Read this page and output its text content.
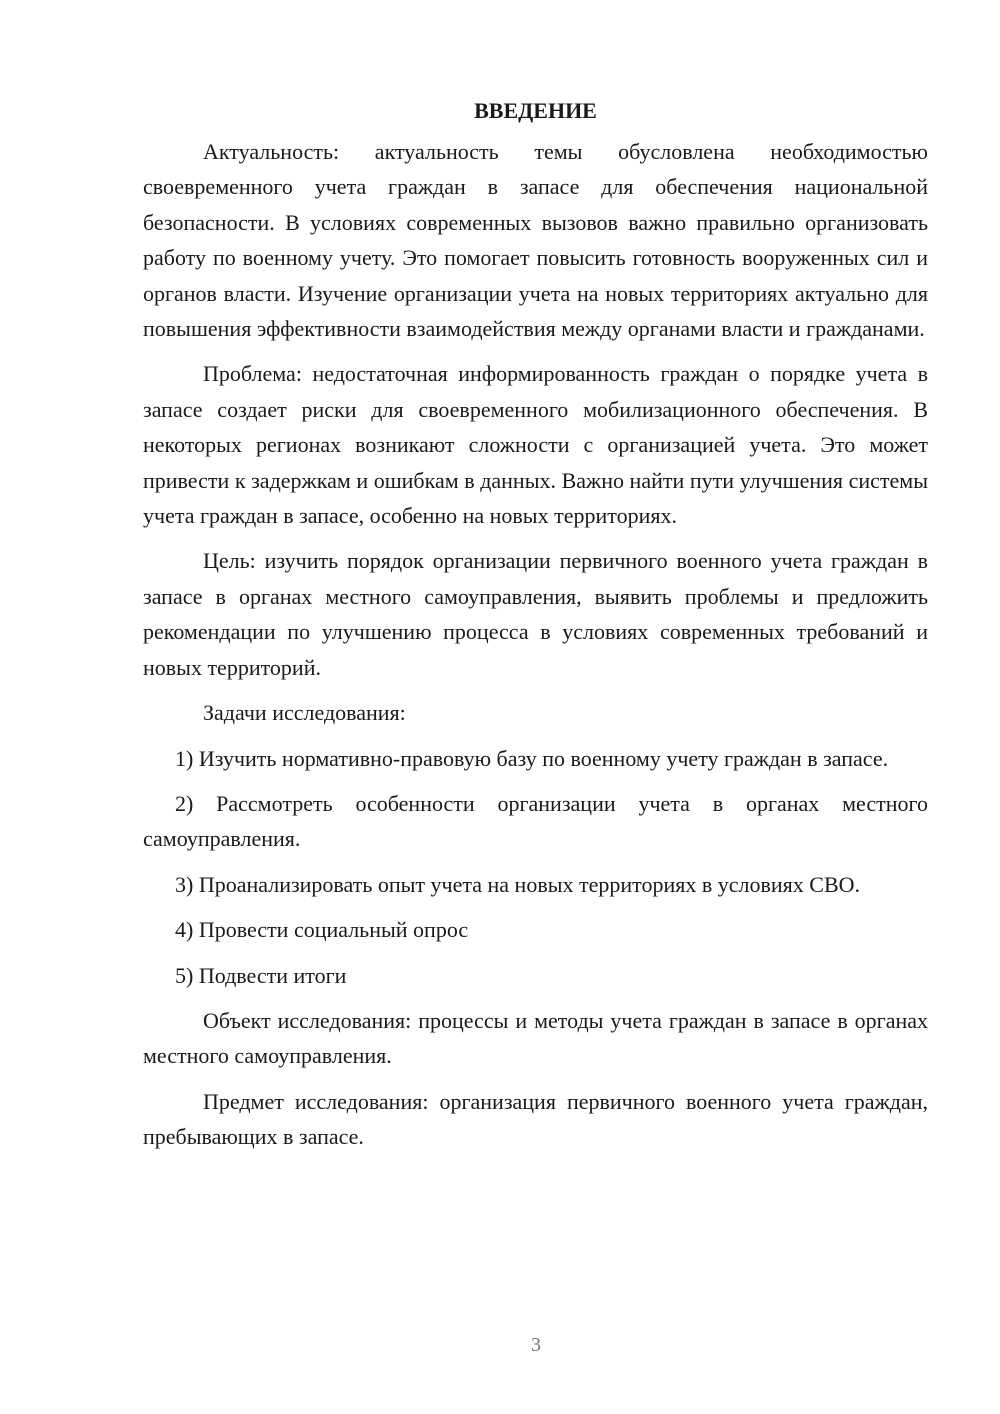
ВВЕДЕНИЕ

Актуальность: актуальность темы обусловлена необходимостью своевременного учета граждан в запасе для обеспечения национальной безопасности. В условиях современных вызовов важно правильно организовать работу по военному учету. Это помогает повысить готовность вооруженных сил и органов власти. Изучение организации учета на новых территориях актуально для повышения эффективности взаимодействия между органами власти и гражданами.

Проблема: недостаточная информированность граждан о порядке учета в запасе создает риски для своевременного мобилизационного обеспечения. В некоторых регионах возникают сложности с организацией учета. Это может привести к задержкам и ошибкам в данных. Важно найти пути улучшения системы учета граждан в запасе, особенно на новых территориях.

Цель: изучить порядок организации первичного военного учета граждан в запасе в органах местного самоуправления, выявить проблемы и предложить рекомендации по улучшению процесса в условиях современных требований и новых территорий.

Задачи исследования:

1) Изучить нормативно-правовую базу по военному учету граждан в запасе.

2) Рассмотреть особенности организации учета в органах местного самоуправления.

3) Проанализировать опыт учета на новых территориях в условиях СВО.

4) Провести социальный опрос

5) Подвести итоги

Объект исследования: процессы и методы учета граждан в запасе в органах местного самоуправления.

Предмет исследования: организация первичного военного учета граждан, пребывающих в запасе.

3
